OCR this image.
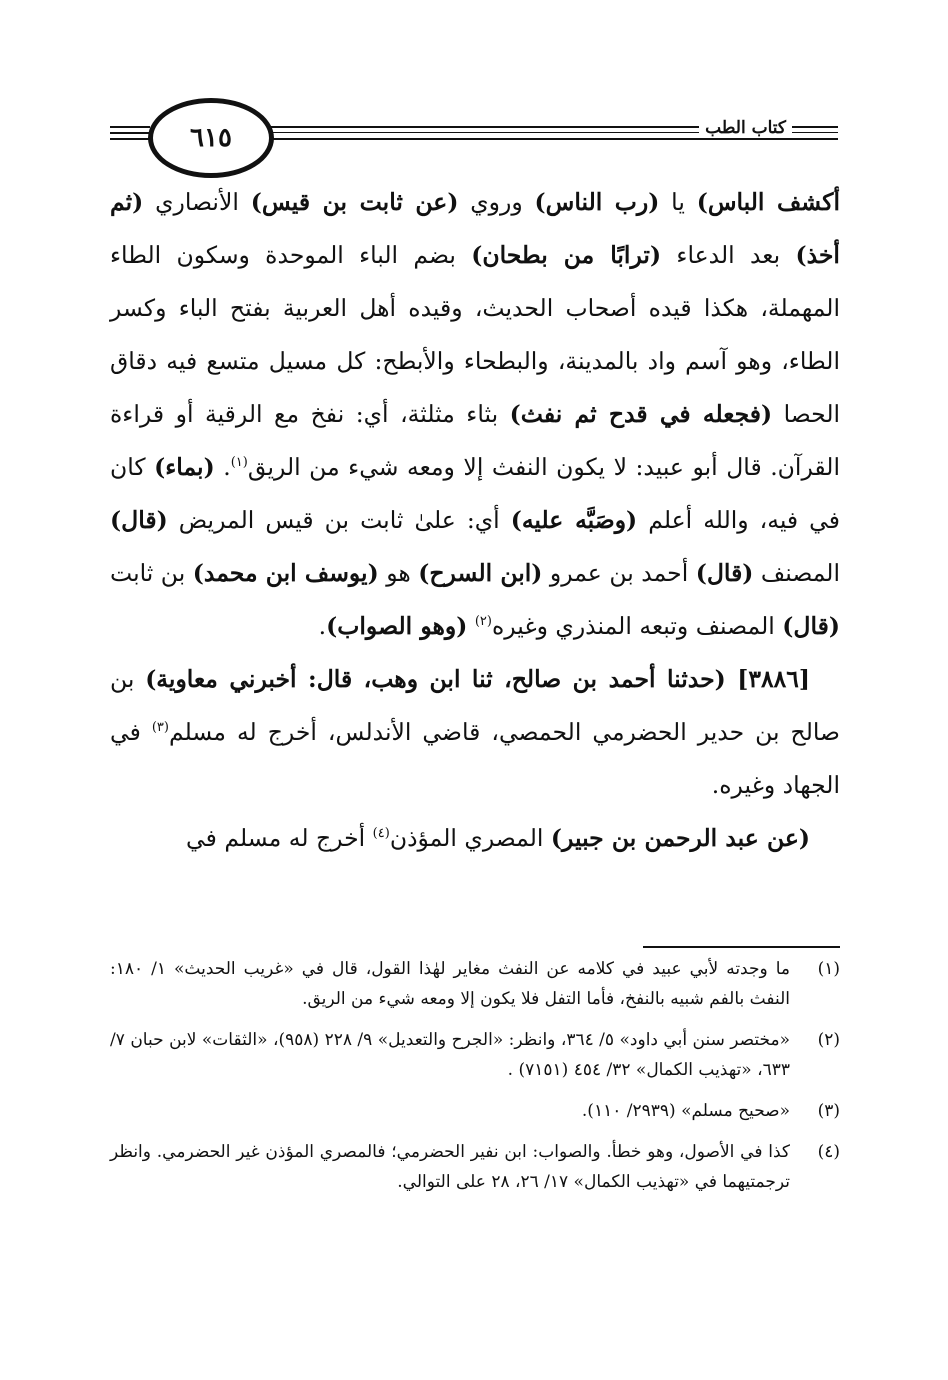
٦١٥	كتاب الطب

أكشف الباس) يا (رب الناس) وروي (عن ثابت بن قيس) الأنصاري (ثم أخذ) بعد الدعاء (ترابًا من بطحان) بضم الباء الموحدة وسكون الطاء المهملة، هكذا قيده أصحاب الحديث، وقيده أهل العربية بفتح الباء وكسر الطاء، وهو آسم واد بالمدينة، والبطحاء والأبطح: كل مسيل متسع فيه دقاق الحصا (فجعله في قدح ثم نفث) بثاء مثلثة، أي: نفخ مع الرقية أو قراءة القرآن. قال أبو عبيد: لا يكون النفث إلا ومعه شيء من الريق$^{(١)}$. (بماء) كان في فيه، والله أعلم (وصَبَّه عليه) أي: علىٰ ثابت بن قيس المريض (قال) المصنف (قال) أحمد بن عمرو (ابن السرح) هو (يوسف ابن محمد) بن ثابت (قال) المصنف وتبعه المنذري وغيره$^{(٢)}$ (وهو الصواب).

[٣٨٨٦] (حدثنا أحمد بن صالح، ثنا ابن وهب، قال: أخبرني معاوية) بن صالح بن حدير الحضرمي الحمصي، قاضي الأندلس، أخرج له مسلم$^{(٣)}$ في الجهاد وغيره.

(عن عبد الرحمن بن جبير) المصري المؤذن$^{(٤)}$ أخرج له مسلم في

(١)
ما وجدته لأبي عبيد في كلامه عن النفث مغاير لهٰذا القول، قال في «غريب الحديث» ١/ ١٨٠: النفث بالفم شبيه بالنفخ، فأما التفل فلا يكون إلا ومعه شيء من الريق.
(٢)
«مختصر سنن أبي داود» ٥/ ٣٦٤، وانظر: «الجرح والتعديل» ٩/ ٢٢٨ (٩٥٨)، «الثقات» لابن حبان ٧/ ٦٣٣، «تهذيب الكمال» ٣٢/ ٤٥٤ (٧١٥١) .
(٣)
«صحيح مسلم» (٢٩٣٩/ ١١٠).
(٤)
كذا في الأصول، وهو خطأ. والصواب: ابن نفير الحضرمي؛ فالمصري المؤذن غير الحضرمي. وانظر ترجمتيهما في «تهذيب الكمال» ١٧/ ٢٦، ٢٨ على التوالي.
